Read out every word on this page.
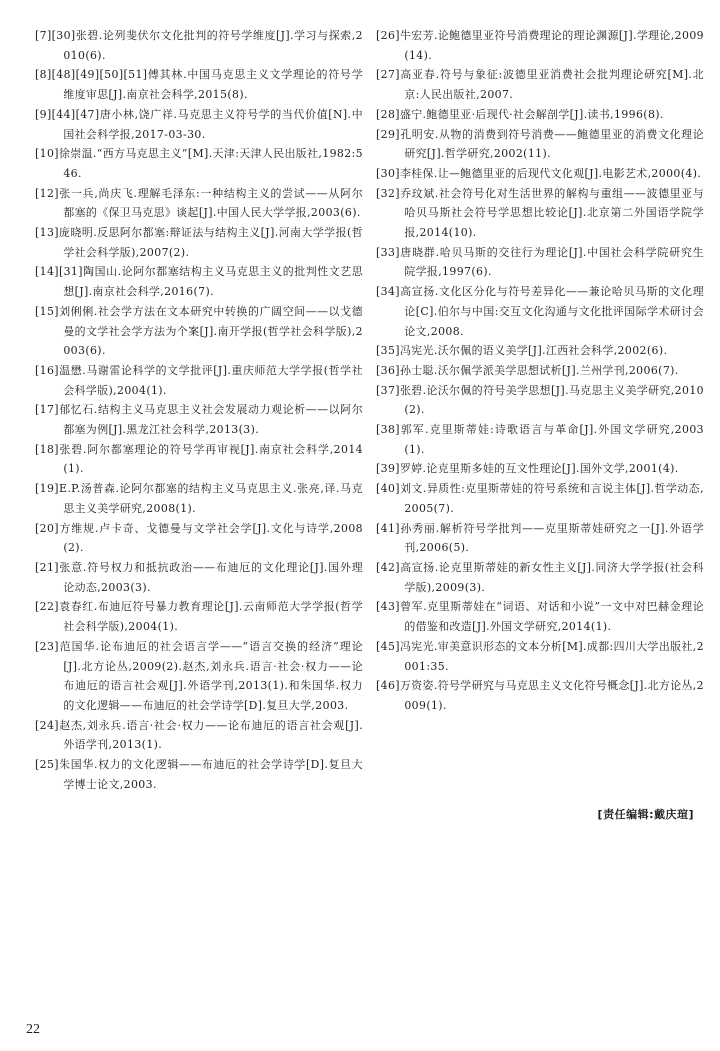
[7][30]张碧.论列斐伏尔文化批判的符号学维度[J].学习与探索,2010(6).
[8][48][49][50][51]傅其林.中国马克思主义文学理论的符号学维度审思[J].南京社会科学,2015(8).
[9][44][47]唐小林,饶广祥.马克思主义符号学的当代价值[N].中国社会科学报,2017-03-30.
[10]徐崇温.“西方马克思主义”[M].天津:天津人民出版社,1982:546.
[12]张一兵,尚庆飞.理解毛泽东:一种结构主义的尝试——从阿尔都塞的《保卫马克思》谈起[J].中国人民大学学报,2003(6).
[13]庞晓明.反思阿尔都塞:辩证法与结构主义[J].河南大学学报(哲学社会科学版),2007(2).
[14][31]陶国山.论阿尔都塞结构主义马克思主义的批判性文艺思想[J].南京社会科学,2016(7).
[15]刘俐俐.社会学方法在文本研究中转换的广阔空间——以戈德曼的文学社会学方法为个案[J].南开学报(哲学社会科学版),2003(6).
[16]温懋.马谢雷论科学的文学批评[J].重庆师范大学学报(哲学社会科学版),2004(1).
[17]郁忆石.结构主义马克思主义社会发展动力观论析——以阿尔都塞为例[J].黑龙江社会科学,2013(3).
[18]张碧.阿尔都塞理论的符号学再审视[J].南京社会科学,2014(1).
[19]E.P.汤普森.论阿尔都塞的结构主义马克思主义.张亮,译.马克思主义美学研究,2008(1).
[20]方维规.卢卡奇、戈德曼与文学社会学[J].文化与诗学,2008(2).
[21]张意.符号权力和抵抗政治——布迪厄的文化理论[J].国外理论动态,2003(3).
[22]袁春红.布迪厄符号暴力教育理论[J].云南师范大学学报(哲学社会科学版),2004(1).
[23]范国华.论布迪厄的社会语言学——“语言交换的经济”理论[J].北方论丛,2009(2).赵杰,刘永兵.语言·社会·权力——论布迪厄的语言社会观[J].外语学刊,2013(1).和朱国华.权力的文化逻辑——布迪厄的社会学诗学[D].复旦大学,2003.
[24]赵杰,刘永兵.语言·社会·权力——论布迪厄的语言社会观[J].外语学刊,2013(1).
[25]朱国华.权力的文化逻辑——布迪厄的社会学诗学[D].复旦大学博士论文,2003.
[26]牛宏芳.论鲍德里亚符号消费理论的理论渊源[J].学理论,2009(14).
[27]高亚春.符号与象征:波德里亚消费社会批判理论研究[M].北京:人民出版社,2007.
[28]盛宁.鲍德里亚·后现代·社会解剖学[J].读书,1996(8).
[29]孔明安.从物的消费到符号消费——鲍德里亚的消费文化理论研究[J].哲学研究,2002(11).
[30]李桂保.让—鲍德里亚的后现代文化观[J].电影艺术,2000(4).
[32]乔玟斌.社会符号化对生活世界的解构与重组——波德里亚与哈贝马斯社会符号学思想比较论[J].北京第二外国语学院学报,2014(10).
[33]唐晓群.哈贝马斯的交往行为理论[J].中国社会科学院研究生院学报,1997(6).
[34]高宣扬.文化区分化与符号差异化——兼论哈贝马斯的文化理论[C].伯尔与中国:交互文化沟通与文化批评国际学术研讨会论文,2008.
[35]冯宪光.沃尔佩的语义美学[J].江西社会科学,2002(6).
[36]孙士聪.沃尔佩学派美学思想试析[J].兰州学刊,2006(7).
[37]张碧.论沃尔佩的符号美学思想[J].马克思主义美学研究,2010(2).
[38]郭军.克里斯蒂娃:诗歌语言与革命[J].外国文学研究,2003(1).
[39]罗婷.论克里斯多娃的互文性理论[J].国外文学,2001(4).
[40]刘文.异质性:克里斯蒂娃的符号系统和言说主体[J].哲学动态,2005(7).
[41]孙秀丽.解析符号学批判——克里斯蒂娃研究之一[J].外语学刊,2006(5).
[42]高宣扬.论克里斯蒂娃的新女性主义[J].同济大学学报(社会科学版),2009(3).
[43]曾军.克里斯蒂娃在“词语、对话和小说”一文中对巴赫金理论的借鉴和改造[J].外国文学研究,2014(1).
[45]冯宪光.审美意识形态的文本分析[M].成都:四川大学出版社,2001:35.
[46]万资姿.符号学研究与马克思主义文化符号概念[J].北方论丛,2009(1).
[责任编辑:戴庆瑄]
22
